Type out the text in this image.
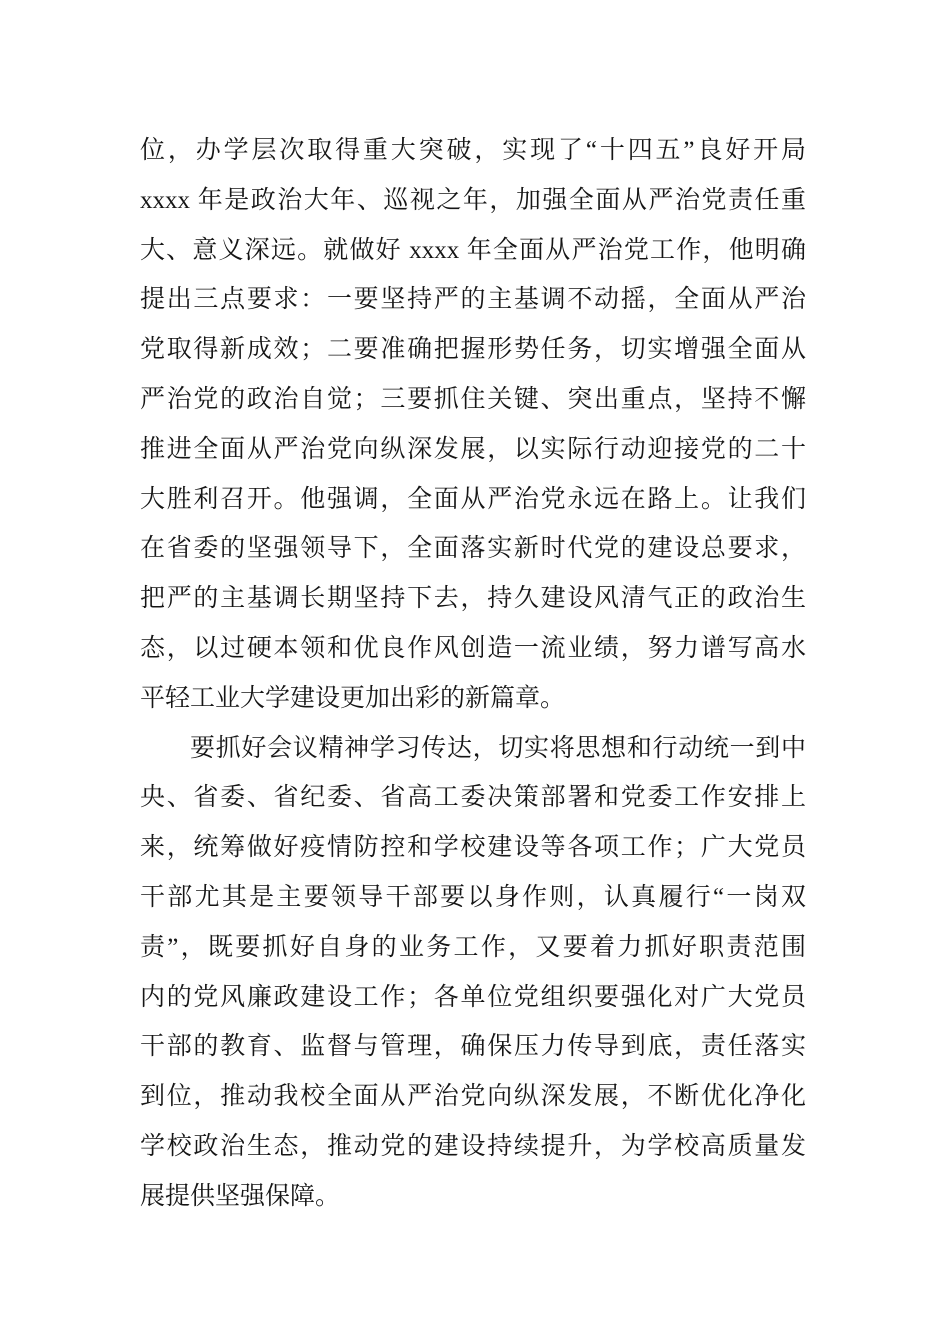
位，办学层次取得重大突破，实现了“十四五”良好开局
xxxx 年是政治大年、巡视之年，加强全面从严治党责任重
大、意义深远。就做好 xxxx 年全面从严治党工作，他明确
提出三点要求：一要坚持严的主基调不动摇，全面从严治
党取得新成效；二要准确把握形势任务，切实增强全面从
严治党的政治自觉；三要抓住关键、突出重点，坚持不懈
推进全面从严治党向纵深发展，以实际行动迎接党的二十
大胜利召开。他强调，全面从严治党永远在路上。让我们
在省委的坚强领导下，全面落实新时代党的建设总要求，
把严的主基调长期坚持下去，持久建设风清气正的政治生
态，以过硬本领和优良作风创造一流业绩，努力谱写高水
平轻工业大学建设更加出彩的新篇章。
要抓好会议精神学习传达，切实将思想和行动统一到中
央、省委、省纪委、省高工委决策部署和党委工作安排上
来，统筹做好疫情防控和学校建设等各项工作；广大党员
干部尤其是主要领导干部要以身作则，认真履行“一岗双
责”，既要抓好自身的业务工作，又要着力抓好职责范围
内的党风廉政建设工作；各单位党组织要强化对广大党员
干部的教育、监督与管理，确保压力传导到底，责任落实
到位，推动我校全面从严治党向纵深发展，不断优化净化
学校政治生态，推动党的建设持续提升，为学校高质量发
展提供坚强保障。
